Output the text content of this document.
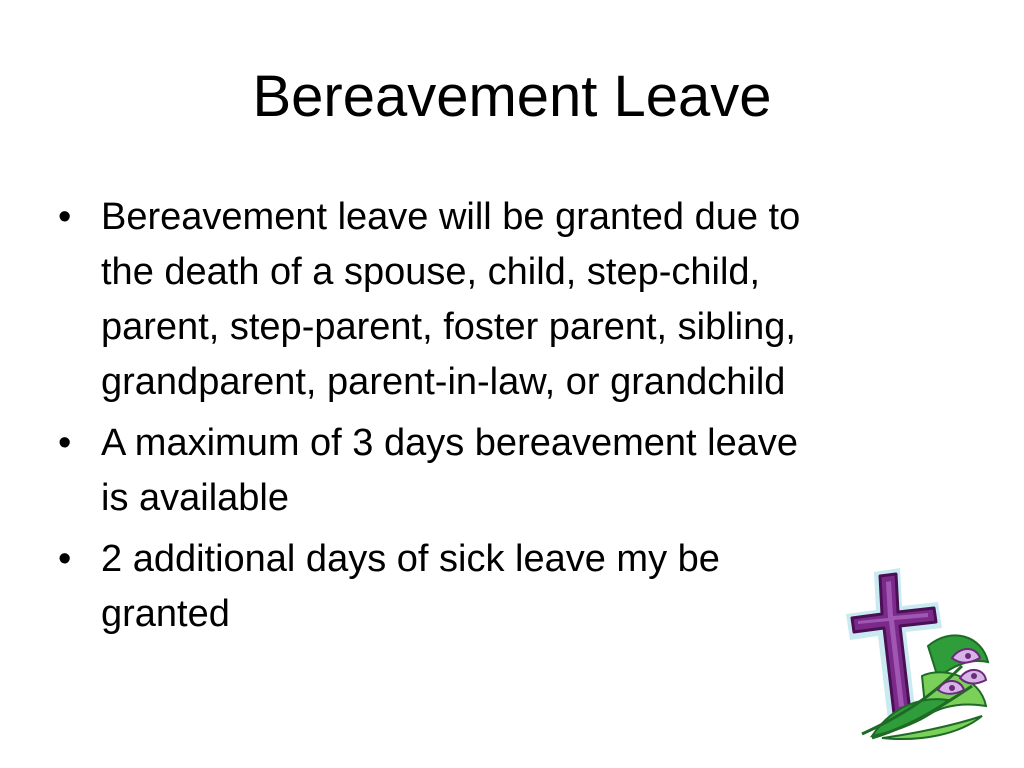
Bereavement Leave
• Bereavement leave will be granted due to
the death of a spouse, child, step-child,
parent, step-parent, foster parent, sibling,
grandparent, parent-in-law, or grandchild
• A maximum of 3 days bereavement leave
is available
• 2 additional days of sick leave my be
granted
